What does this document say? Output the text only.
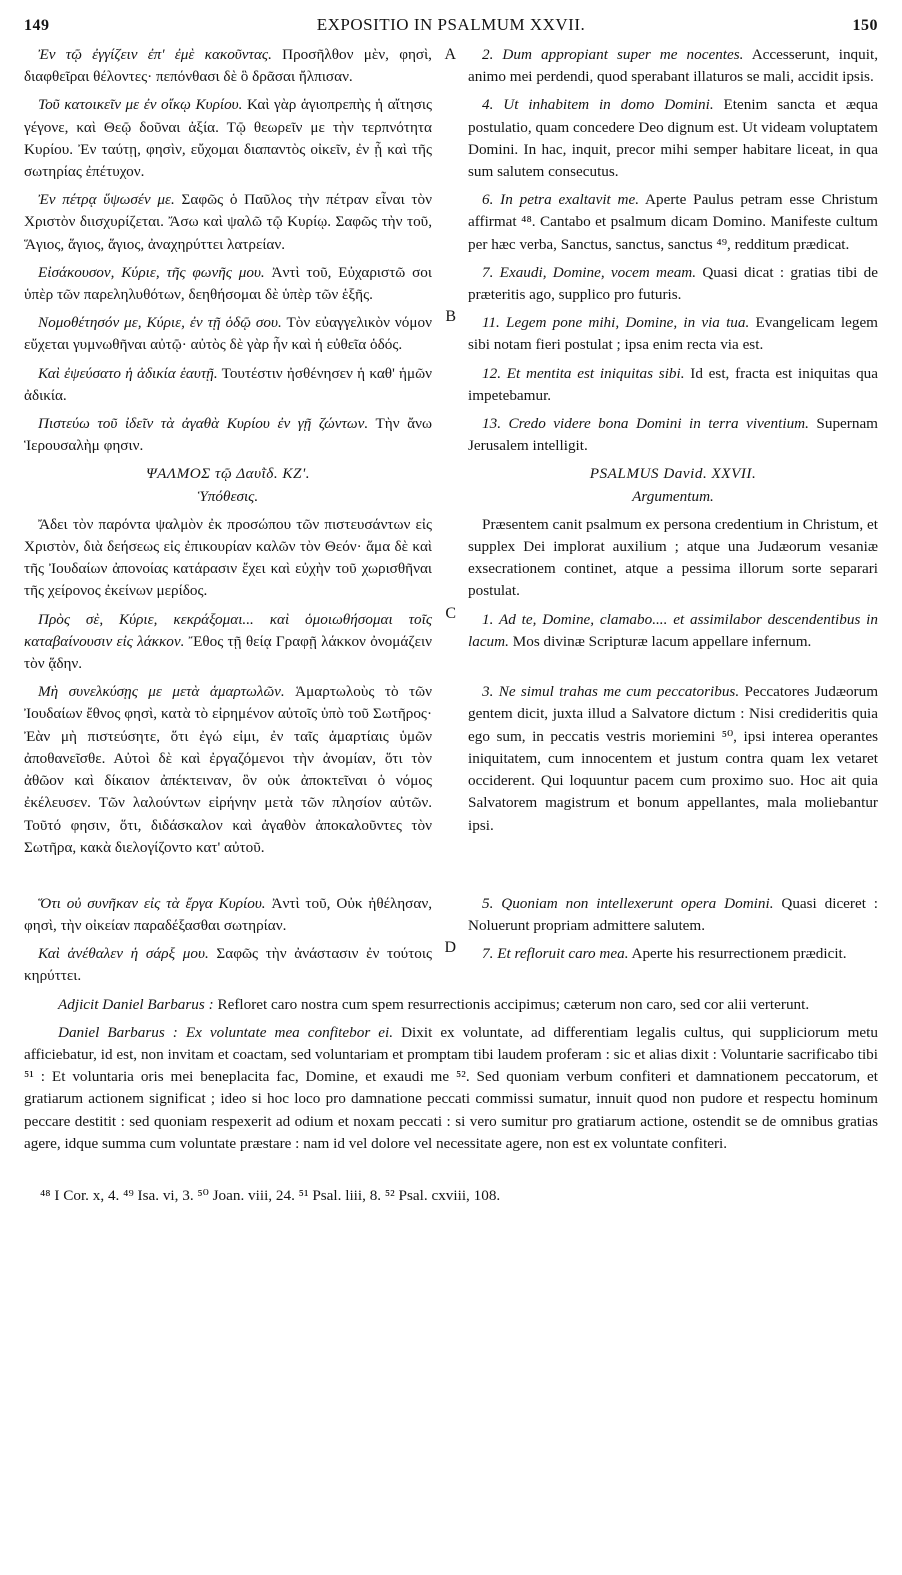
149	EXPOSITIO IN PSALMUM XXVII.	150

Ἐν τῷ ἐγγίζειν ἐπ' ἐμὲ κακοῦντας. Προσῆλθον μὲν, φησὶ, διαφθεῖραι θέλοντες· πεπόνθασι δὲ ὃ δρᾶσαι ἤλπισαν.

A	2. Dum appropiant super me nocentes. Accesserunt, inquit, animo mei perdendi, quod sperabant illaturos se mali, accidit ipsis.

Τοῦ κατοικεῖν με ἐν οἴκῳ Κυρίου. Καὶ γὰρ ἁγιοπρεπὴς ἡ αἴτησις γέγονε, καὶ Θεῷ δοῦναι ἀξία. Τῷ θεωρεῖν με τὴν τερπνότητα Κυρίου. Ἐν ταύτῃ, φησὶν, εὔχομαι διαπαντὸς οἰκεῖν, ἐν ᾗ καὶ τῆς σωτηρίας ἐπέτυχον.

4. Ut inhabitem in domo Domini. Etenim sancta et æqua postulatio, quam concedere Deo dignum est. Ut videam voluptatem Domini. In hac, inquit, precor mihi semper habitare liceat, in qua sum salutem consecutus.

Ἐν πέτρᾳ ὕψωσέν με. Σαφῶς ὁ Παῦλος τὴν πέτραν εἶναι τὸν Χριστὸν διισχυρίζεται. Ἄσω καὶ ψαλῶ τῷ Κυρίῳ. Σαφῶς τὴν τοῦ, Ἅγιος, ἅγιος, ἅγιος, ἀναχηρύττει λατρείαν.

6. In petra exaltavit me. Aperte Paulus petram esse Christum affirmat ⁴⁸. Cantabo et psalmum dicam Domino. Manifeste cultum per hæc verba, Sanctus, sanctus, sanctus ⁴⁹, redditum prædicat.

Εἰσάκουσον, Κύριε, τῆς φωνῆς μου. Ἀντὶ τοῦ, Εὐχαριστῶ σοι ὑπὲρ τῶν παρεληλυθότων, δεηθήσομαι δὲ ὑπὲρ τῶν ἑξῆς.

7. Exaudi, Domine, vocem meam. Quasi dicat : gratias tibi de præteritis ago, supplico pro futuris.

Νομοθέτησόν με, Κύριε, ἐν τῇ ὁδῷ σου. Τὸν εὐαγγελικὸν νόμον εὔχεται γυμνωθῆναι αὐτῷ· αὐτὸς δὲ γὰρ ἦν καὶ ἡ εὐθεῖα ὁδός.

B	11. Legem pone mihi, Domine, in via tua. Evangelicam legem sibi notam fieri postulat ; ipsa enim recta via est.

Καὶ ἐψεύσατο ἡ ἀδικία ἑαυτῇ. Τουτέστιν ἠσθένησεν ἡ καθ' ἡμῶν ἀδικία.

12. Et mentita est iniquitas sibi. Id est, fracta est iniquitas qua impetebamur.

Πιστεύω τοῦ ἰδεῖν τὰ ἀγαθὰ Κυρίου ἐν γῇ ζώντων. Τὴν ἄνω Ἱερουσαλὴμ φησιν.

13. Credo videre bona Domini in terra viventium. Supernam Jerusalem intelligit.

ΨΑΛΜΟΣ τῷ Δαυῒδ. ΚΖ'.

Ὑπόθεσις.

PSALMUS David. XXVII.

Argumentum.

Ἄδει τὸν παρόντα ψαλμὸν ἐκ προσώπου τῶν πιστευσάντων εἰς Χριστὸν, διὰ δεήσεως εἰς ἐπικουρίαν καλῶν τὸν Θεόν· ἅμα δὲ καὶ τῆς Ἰουδαίων ἀπονοίας κατάρασιν ἔχει καὶ εὐχὴν τοῦ χωρισθῆναι τῆς χείρονος ἐκείνων μερίδος.

Præsentem canit psalmum ex persona credentium in Christum, et supplex Dei implorat auxilium ; atque una Judæorum vesaniæ exsecrationem continet, atque a pessima illorum sorte separari postulat.

Πρὸς σὲ, Κύριε, κεκράξομαι... καὶ ὁμοιωθήσομαι τοῖς καταβαίνουσιν εἰς λάκκον. Ἔθος τῇ θείᾳ Γραφῇ λάκκον ὀνομάζειν τὸν ᾅδην.

C	1. Ad te, Domine, clamabo.... et assimilabor descendentibus in lacum. Mos divinæ Scripturæ lacum appellare infernum.

Μὴ συνελκύσῃς με μετὰ ἁμαρτωλῶν. Ἁμαρτωλοὺς τὸ τῶν Ἰουδαίων ἔθνος φησὶ, κατὰ τὸ εἰρημένον αὐτοῖς ὑπὸ τοῦ Σωτῆρος· Ἐὰν μὴ πιστεύσητε, ὅτι ἐγώ εἰμι, ἐν ταῖς ἁμαρτίαις ὑμῶν ἀποθανεῖσθε. Αὐτοὶ δὲ καὶ ἐργαζόμενοι τὴν ἀνομίαν, ὅτι τὸν ἀθῶον καὶ δίκαιον ἀπέκτειναν, ὃν οὐκ ἀποκτεῖναι ὁ νόμος ἐκέλευσεν. Τῶν λαλούντων εἰρήνην μετὰ τῶν πλησίον αὐτῶν. Τοῦτό φησιν, ὅτι, διδάσκαλον καὶ ἀγαθὸν ἀποκαλοῦντες τὸν Σωτῆρα, κακὰ διελογίζοντο κατ' αὐτοῦ.

3. Ne simul trahas me cum peccatoribus. Peccatores Judæorum gentem dicit, juxta illud a Salvatore dictum : Nisi credideritis quia ego sum, in peccatis vestris moriemini ⁵⁰, ipsi interea operantes iniquitatem, cum innocentem et justum contra quam lex vetaret occiderent. Qui loquuntur pacem cum proximo suo. Hoc ait quia Salvatorem magistrum et bonum appellantes, mala moliebantur ipsi.

Ὅτι οὐ συνῆκαν εἰς τὰ ἔργα Κυρίου. Ἀντὶ τοῦ, Οὐκ ἠθέλησαν, φησὶ, τὴν οἰκείαν παραδέξασθαι σωτηρίαν.

5. Quoniam non intellexerunt opera Domini. Quasi diceret : Noluerunt propriam admittere salutem.

Καὶ ἀνέθαλεν ἡ σάρξ μου. Σαφῶς τὴν ἀνάστασιν ἐν τούτοις κηρύττει.

D	7. Et refloruit caro mea. Aperte his resurrectionem prædicit.

Adjicit Daniel Barbarus : Refloret caro nostra cum spem resurrectionis accipimus; cæterum non caro, sed cor alii verterunt.

Daniel Barbarus : Ex voluntate mea confitebor ei. Dixit ex voluntate, ad differentiam legalis cultus, qui suppliciorum metu afficiebatur, id est, non invitam et coactam, sed voluntariam et promptam tibi laudem proferam : sic et alias dixit : Voluntarie sacrificabo tibi ⁵¹ : Et voluntaria oris mei beneplacita fac, Domine, et exaudi me ⁵². Sed quoniam verbum confiteri et damnationem peccatorum, et gratiarum actionem significat ; ideo si hoc loco pro damnatione peccati commissi sumatur, innuit quod non pudore et respectu hominum peccare destitit : sed quoniam respexerit ad odium et noxam peccati : si vero sumitur pro gratiarum actione, ostendit se de omnibus gratias agere, idque summa cum voluntate præstare : nam id vel dolore vel necessitate agere, non est ex voluntate confiteri.

⁴⁸ I Cor. x, 4. ⁴⁹ Isa. vi, 3. ⁵⁰ Joan. viii, 24. ⁵¹ Psal. liii, 8. ⁵² Psal. cxviii, 108.
